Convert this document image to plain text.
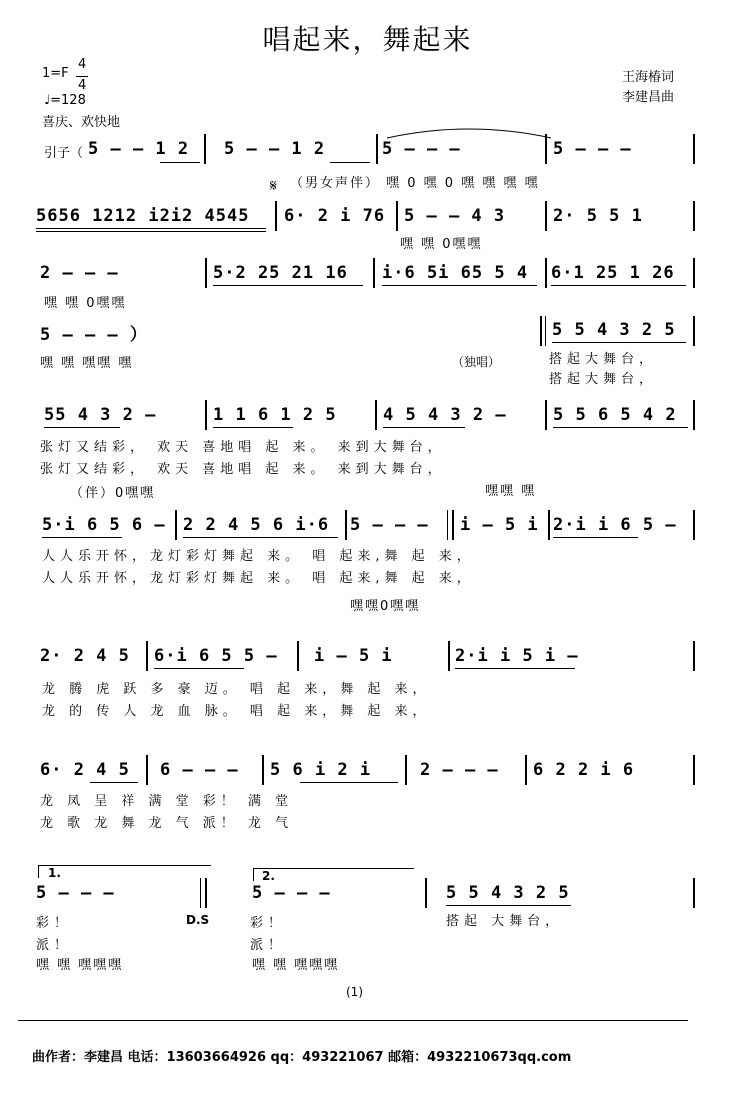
唱起来，舞起来
1=F
4
4
♩=128
喜庆、欢快地
王海椿词
李建昌曲
引子（ 5 — — 1 2 5 — — 1 2	5 — — —	5 — — —
𝄋 （男女声伴） 嘿 0 嘿 0 嘿 嘿 嘿 嘿
5656 1212 i2i2 4545 6· 2 i 76 5 — — 4 3	2· 5 5 1
嘿 嘿 0嘿嘿
2 — — —	5·2 25 21 16 i·6 5i 65 5 4 6·1 25 1 26
嘿 嘿 0嘿嘿
5 — — — ）	5 5 4 3 2 5
嘿 嘿 嘿嘿 嘿	（独唱）	搭起大舞台，
搭起大舞台，
55 4 3 2 —	1 1 6 1 2 5	4 5 4 3 2 —	5 5 6 5 4 2
张灯又结彩， 欢天 喜地唱 起 来。 来到大舞台，
张灯又结彩， 欢天 喜地唱 起 来。 来到大舞台，
（伴）0嘿嘿	嘿嘿 嘿
5·i 6 5 6 — 2 2 4 5 6 i·6 5 — — — i — 5 i 2·i i 6 5 —
人人乐开怀，龙灯彩灯舞起 来。 唱 起来,舞 起 来，
人人乐开怀，龙灯彩灯舞起 来。 唱 起来,舞 起 来，
嘿嘿0嘿嘿
2· 2 4 5 6·i 6 5 5 — i — 5 i	2·i i 5 i —
龙 腾 虎 跃 多 豪 迈。 唱 起 来，舞 起 来，
龙 的 传 人 龙 血 脉。 唱 起 来，舞 起 来，
6· 2 4 5 6 — — — 5 6 i 2 i	2 — — — 6 2 2 i 6
龙 凤 呈 祥 满 堂 彩！ 满 堂
龙 歌 龙 舞 龙 气 派！ 龙 气
1.	2.
5 — — —
D.S
5 — — —	5 5 4 3 2 5
彩！
派！
彩！
派！
搭起 大舞台，
嘿 嘿 嘿嘿嘿	嘿 嘿 嘿嘿嘿
(1)
曲作者：李建昌 电话：13603664926 qq：493221067 邮箱：4932210673qq.com
